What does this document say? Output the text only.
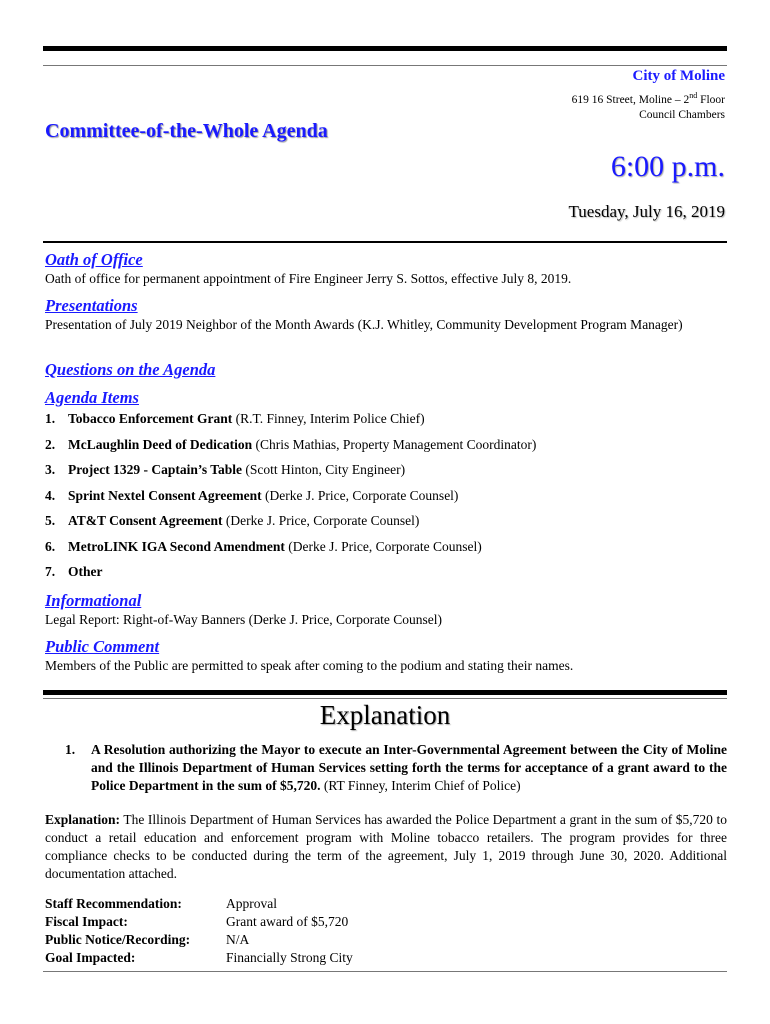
City of Moline
619 16 Street, Moline – 2nd Floor
Council Chambers
Committee-of-the-Whole Agenda
6:00 p.m.
Tuesday, July 16, 2019
Oath of Office

Oath of office for permanent appointment of Fire Engineer Jerry S. Sottos, effective July 8, 2019.

Presentations

Presentation of July 2019 Neighbor of the Month Awards (K.J. Whitley, Community Development Program Manager)

Questions on the Agenda
Agenda Items
1. Tobacco Enforcement Grant (R.T. Finney, Interim Police Chief)
2. McLaughlin Deed of Dedication (Chris Mathias, Property Management Coordinator)
3. Project 1329 - Captain’s Table (Scott Hinton, City Engineer)
4. Sprint Nextel Consent Agreement (Derke J. Price, Corporate Counsel)
5. AT&T Consent Agreement (Derke J. Price, Corporate Counsel)
6. MetroLINK IGA Second Amendment (Derke J. Price, Corporate Counsel)
7. Other
Informational

Legal Report: Right-of-Way Banners (Derke J. Price, Corporate Counsel)

Public Comment

Members of the Public are permitted to speak after coming to the podium and stating their names.

Explanation
1. A Resolution authorizing the Mayor to execute an Inter-Governmental Agreement between the City of Moline and the Illinois Department of Human Services setting forth the terms for acceptance of a grant award to the Police Department in the sum of $5,720. (RT Finney, Interim Chief of Police)
Explanation: The Illinois Department of Human Services has awarded the Police Department a grant in the sum of $5,720 to conduct a retail education and enforcement program with Moline tobacco retailers. The program provides for three compliance checks to be conducted during the term of the agreement, July 1, 2019 through June 30, 2020. Additional documentation attached.
Staff Recommendation:	Approval
Fiscal Impact:	Grant award of $5,720
Public Notice/Recording:	N/A
Goal Impacted:	Financially Strong City
